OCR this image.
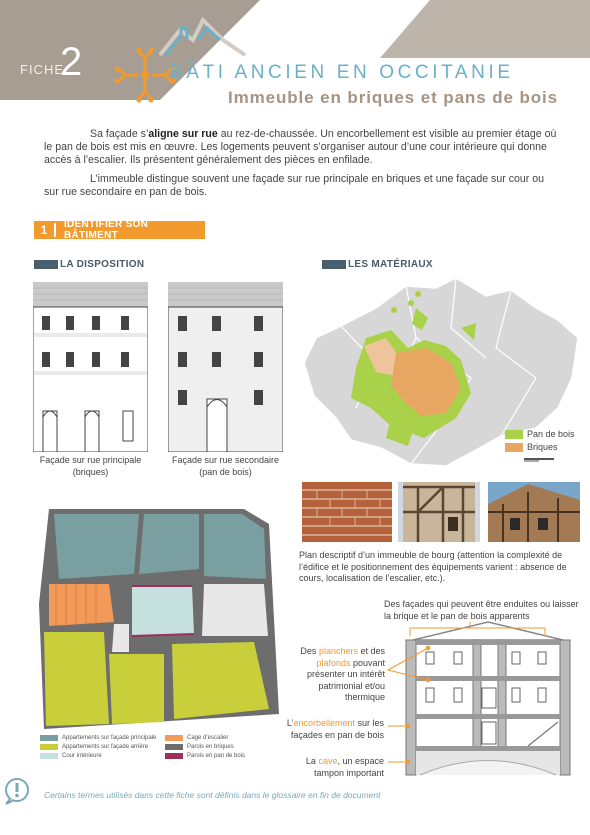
FICHE
2	BÂTI ANCIEN EN OCCITANIE
Immeuble en briques et pans de bois

Sa façade s’aligne sur rue au rez-de-chaussée. Un encorbellement est visible au premier étage où le pan de bois est mis en œuvre. Les logements peuvent s’organiser autour d’une cour intérieure qui donne accès à l’escalier. Ils présentent généralement des pièces en enfilade.

L’immeuble distingue souvent une façade sur rue principale en briques et une façade sur cour ou sur rue secondaire en pan de bois.

1	IDENTIFIER SON BÂTIMENT
LA DISPOSITION
Façade sur rue principale
(briques)
Façade sur rue secondaire
(pan de bois)
LES MATÉRIAUX
Pan de bois
Briques
Plan descriptif d’un immeuble de bourg (attention la complexité de l’édifice et le positionnement des équipements varient : absence de cours, localisation de l’escalier, etc.).
Appartements sur façade principale	Cage d’escalier
Appartements sur façade arrière	Parois en briques
Cour intérieure	Parois en pan de bois
Des façades qui peuvent être enduites ou laisser la brique et le pan de bois apparents
Des planchers et des plafonds pouvant présenter un intérêt patrimonial et/ou thermique
L’encorbellement sur les façades en pan de bois
La cave, un espace tampon important
Certains termes utilisés dans cette fiche sont définis dans le glossaire en fin de document
